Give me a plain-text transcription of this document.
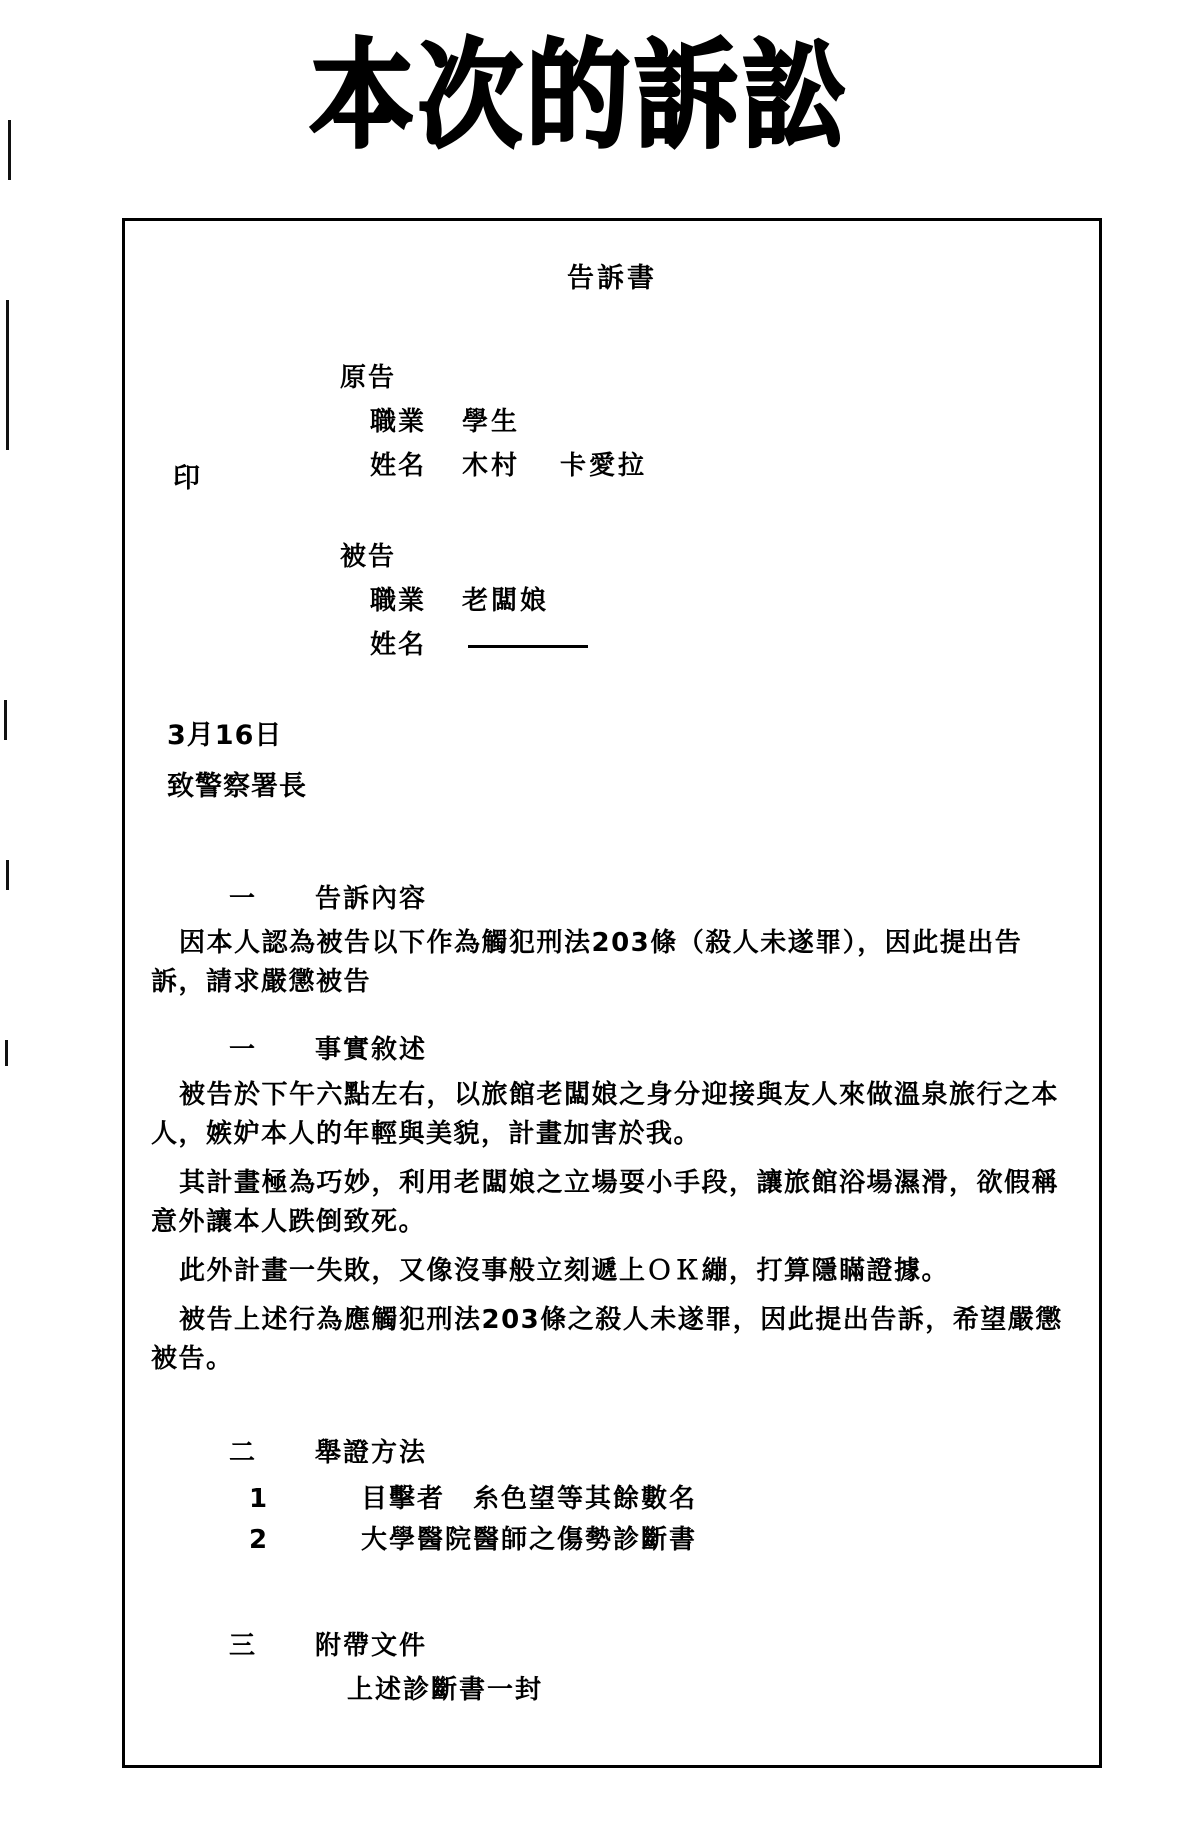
本次的訴訟
告訴書
原告
職業	學生
姓名	木村 卡愛拉
印
被告
職業	老闆娘
姓名
3月16日
致警察署長
一 告訴內容
因本人認為被告以下作為觸犯刑法203條（殺人未遂罪），因此提出告訴，請求嚴懲被告
一 事實敘述
被告於下午六點左右，以旅館老闆娘之身分迎接與友人來做溫泉旅行之本人，嫉妒本人的年輕與美貌，計畫加害於我。
其計畫極為巧妙，利用老闆娘之立場耍小手段，讓旅館浴場濕滑，欲假稱意外讓本人跌倒致死。
此外計畫一失敗，又像沒事般立刻遞上ＯＫ繃，打算隱瞞證據。
被告上述行為應觸犯刑法203條之殺人未遂罪，因此提出告訴，希望嚴懲被告。
二 舉證方法
1	目擊者　糸色望等其餘數名
2	大學醫院醫師之傷勢診斷書
三 附帶文件
上述診斷書一封
